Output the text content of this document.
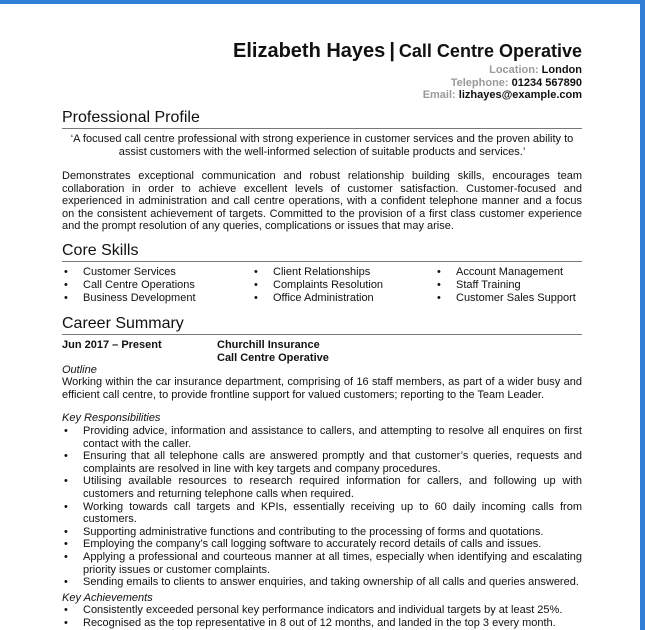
Elizabeth Hayes | Call Centre Operative
Location: London
Telephone: 01234 567890
Email: lizhayes@example.com
Professional Profile
‘A focused call centre professional with strong experience in customer services and the proven ability to assist customers with the well-informed selection of suitable products and services.’
Demonstrates exceptional communication and robust relationship building skills, encourages team collaboration in order to achieve excellent levels of customer satisfaction. Customer-focused and experienced in administration and call centre operations, with a confident telephone manner and a focus on the consistent achievement of targets. Committed to the provision of a first class customer experience and the prompt resolution of any queries, complications or issues that may arise.
Core Skills
• Customer Services
• Call Centre Operations
• Business Development
• Client Relationships
• Complaints Resolution
• Office Administration
• Account Management
• Staff Training
• Customer Sales Support
Career Summary
Jun 2017 – Present	Churchill Insurance
Call Centre Operative
Outline
Working within the car insurance department, comprising of 16 staff members, as part of a wider busy and efficient call centre, to provide frontline support for valued customers; reporting to the Team Leader.
Key Responsibilities
• Providing advice, information and assistance to callers, and attempting to resolve all enquires on first contact with the caller.
• Ensuring that all telephone calls are answered promptly and that customer’s queries, requests and complaints are resolved in line with key targets and company procedures.
• Utilising available resources to research required information for callers, and following up with customers and returning telephone calls when required.
• Working towards call targets and KPIs, essentially receiving up to 60 daily incoming calls from customers.
• Supporting administrative functions and contributing to the processing of forms and quotations.
• Employing the company’s call logging software to accurately record details of calls and issues.
• Applying a professional and courteous manner at all times, especially when identifying and escalating priority issues or customer complaints.
• Sending emails to clients to answer enquiries, and taking ownership of all calls and queries answered.
Key Achievements
• Consistently exceeded personal key performance indicators and individual targets by at least 25%.
• Recognised as the top representative in 8 out of 12 months, and landed in the top 3 every month.
